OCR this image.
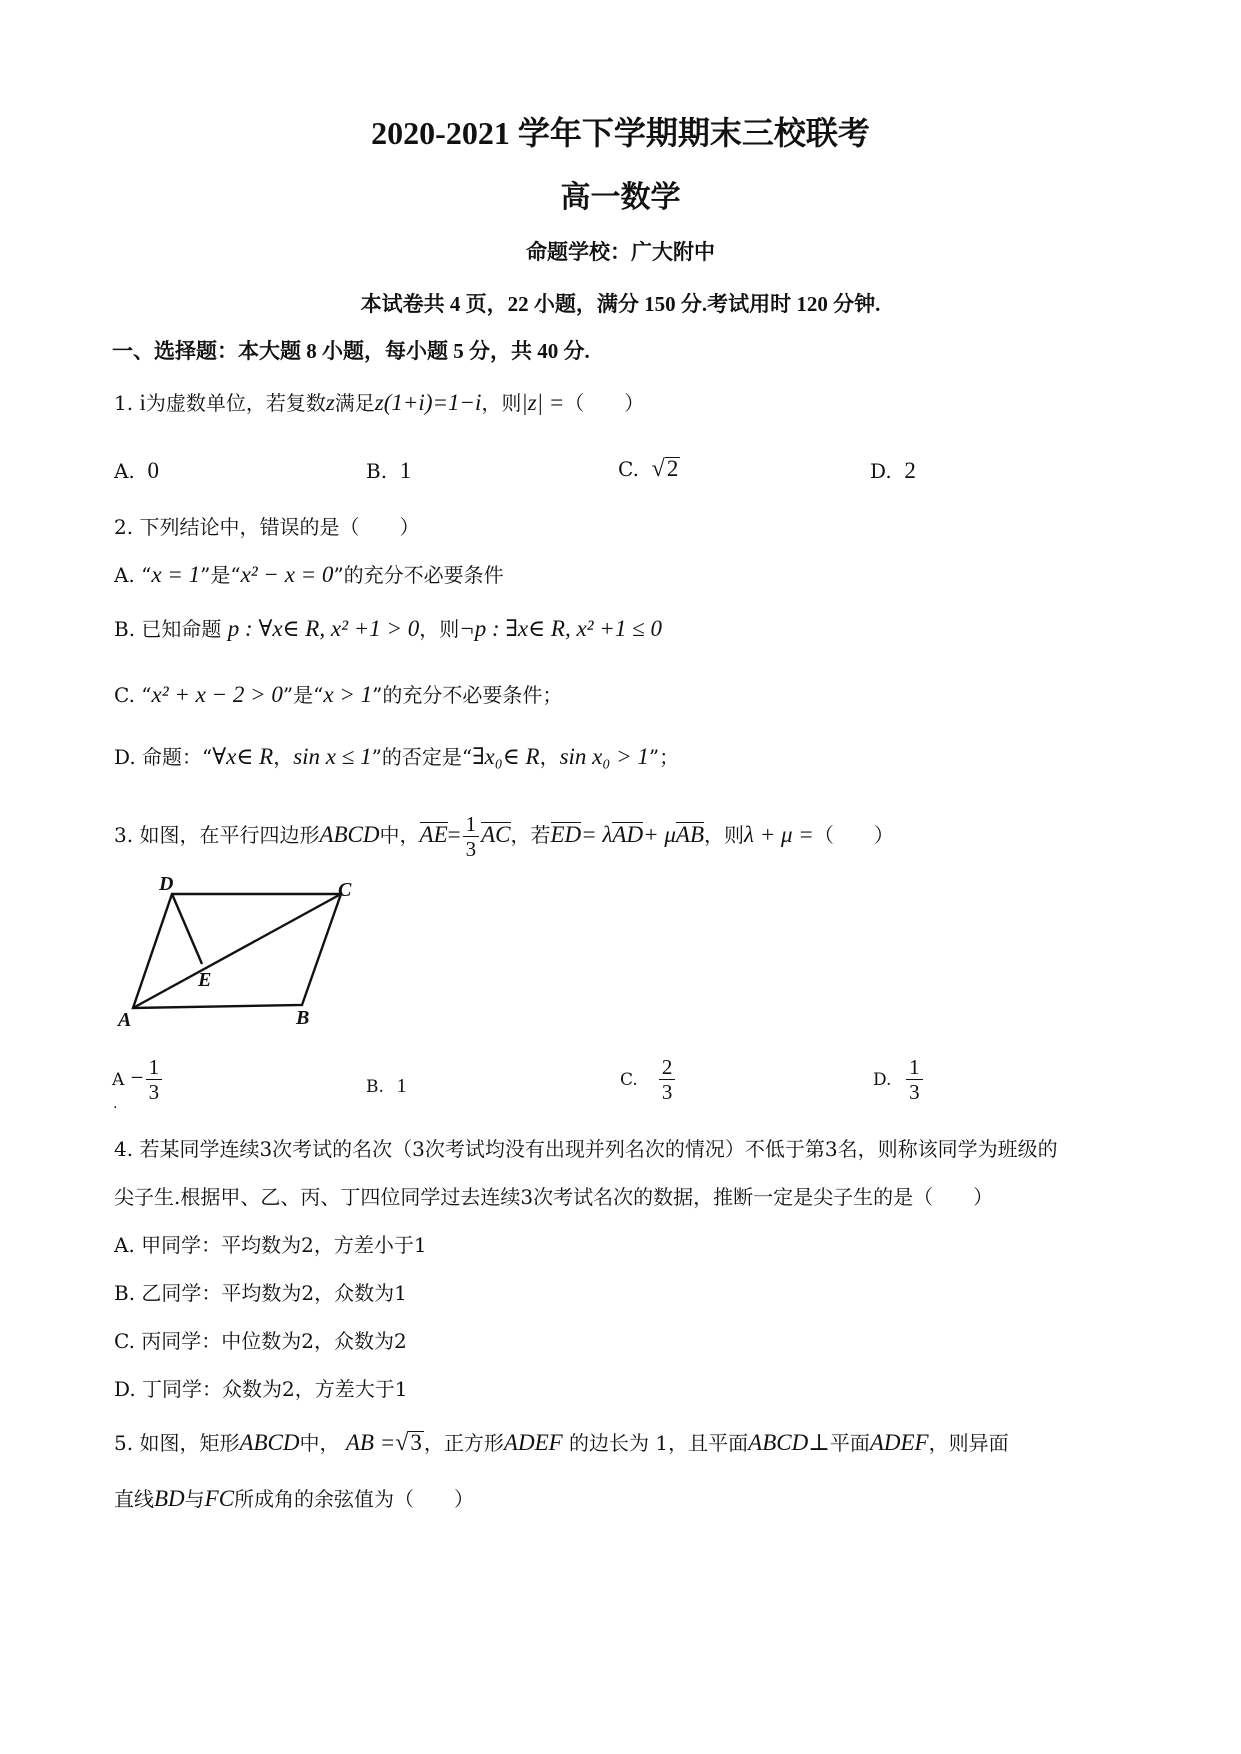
2020-2021 学年下学期期末三校联考
高一数学
命题学校：广大附中
本试卷共 4 页，22 小题，满分 150 分.考试用时 120 分钟.
一、选择题：本大题 8 小题，每小题 5 分，共 40 分.
1. i为虚数单位，若复数z满足z(1+i)=1−i，则|z| =（　　）
A. 0	B. 1	C. √2	D. 2
2. 下列结论中，错误的是（　　）
A. “x = 1”是“x² − x = 0”的充分不必要条件
B. 已知命题 p : ∀x∈ R, x² +1 > 0，则¬p : ∃x∈ R, x² +1 ≤ 0
C. “x² + x − 2 > 0”是“x > 1”的充分不必要条件；
D. 命题：“∀x∈ R，sin x ≤ 1”的否定是“∃x₀∈ R，sin x₀ > 1”；
3. 如图，在平行四边形ABCD中，$AE= \frac{1}{3}$ AC，若ED= λAD+ μAB，则λ + μ =（　　）
D	C
E
A	B
$A - \frac{1}{3}$
.
B. 1	C. $\frac{2}{3}$	D. $\frac{1}{3}$
4. 若某同学连续3次考试的名次（3次考试均没有出现并列名次的情况）不低于第3名，则称该同学为班级的
尖子生.根据甲、乙、丙、丁四位同学过去连续3次考试名次的数据，推断一定是尖子生的是（　　）
A. 甲同学：平均数为2，方差小于1
B. 乙同学：平均数为2，众数为1
C. 丙同学：中位数为2，众数为2
D. 丁同学：众数为2，方差大于1
5. 如图，矩形ABCD中， AB =√3 ，正方形ADEF 的边长为 1，且平面ABCD⊥平面ADEF，则异面
直线BD与FC所成角的余弦值为（　　）
